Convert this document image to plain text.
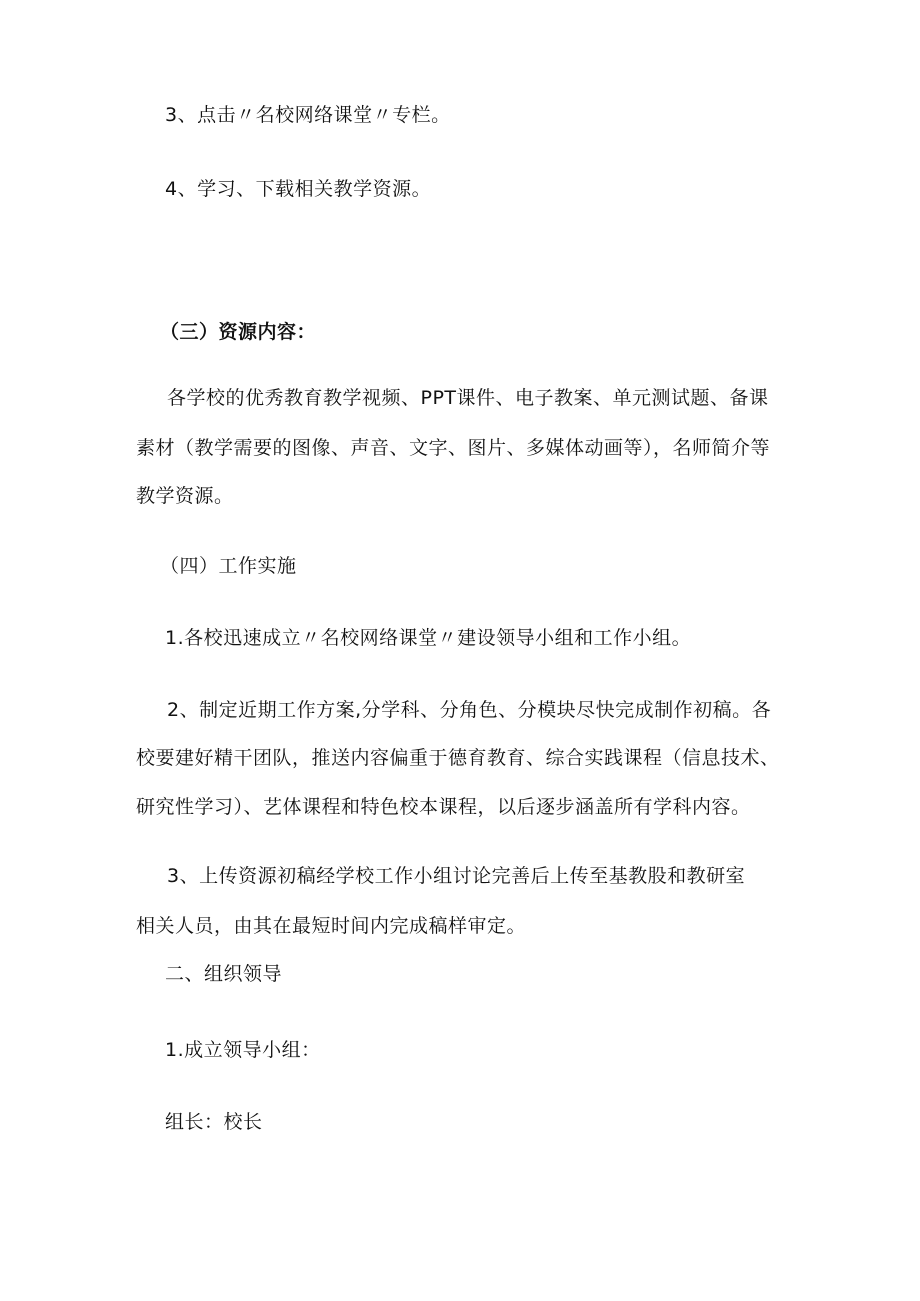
3、点击〃名校网络课堂〃专栏。
4、学习、下载相关教学资源。
（三）资源内容：
各学校的优秀教育教学视频、PPT课件、电子教案、单元测试题、备课
素材（教学需要的图像、声音、文字、图片、多媒体动画等），名师简介等
教学资源。
（四）工作实施
1.各校迅速成立〃名校网络课堂〃建设领导小组和工作小组。
2、制定近期工作方案,分学科、分角色、分模块尽快完成制作初稿。各
校要建好精干团队，推送内容偏重于德育教育、综合实践课程（信息技术、
研究性学习）、艺体课程和特色校本课程，以后逐步涵盖所有学科内容。
3、上传资源初稿经学校工作小组讨论完善后上传至基教股和教研室
相关人员，由其在最短时间内完成稿样审定。
二、组织领导
1.成立领导小组：
组长：校长
